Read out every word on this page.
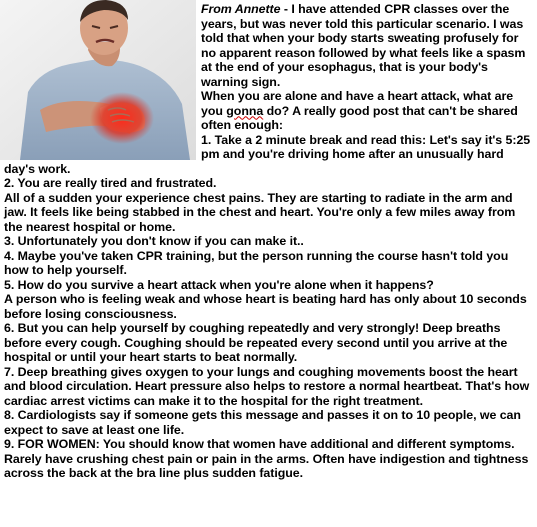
From Annette - I have attended CPR classes over the years, but was never told this particular scenario. I was told that when your body starts sweating profusely for no apparent reason followed by what feels like a spasm at the end of your esophagus, that is your body's warning sign.

When you are alone and have a heart attack, what are you gonna do? A really good post that can't be shared often enough:

1. Take a 2 minute break and read this: Let's say it's 5:25 pm and you're driving home after an unusually hard day's work.

2. You are really tired and frustrated.

All of a sudden your experience chest pains. They are starting to radiate in the arm and jaw. It feels like being stabbed in the chest and heart. You're only a few miles away from the nearest hospital or home.

3. Unfortunately you don't know if you can make it..

4. Maybe you've taken CPR training, but the person running the course hasn't told you how to help yourself.

5. How do you survive a heart attack when you're alone when it happens?

A person who is feeling weak and whose heart is beating hard has only about 10 seconds before losing consciousness.

6. But you can help yourself by coughing repeatedly and very strongly! Deep breaths before every cough. Coughing should be repeated every second until you arrive at the hospital or until your heart starts to beat normally.

7. Deep breathing gives oxygen to your lungs and coughing movements boost the heart and blood circulation. Heart pressure also helps to restore a normal heartbeat. That's how cardiac arrest victims can make it to the hospital for the right treatment.

8. Cardiologists say if someone gets this message and passes it on to 10 people, we can expect to save at least one life.

9. FOR WOMEN: You should know that women have additional and different symptoms. Rarely have crushing chest pain or pain in the arms. Often have indigestion and tightness across the back at the bra line plus sudden fatigue.
